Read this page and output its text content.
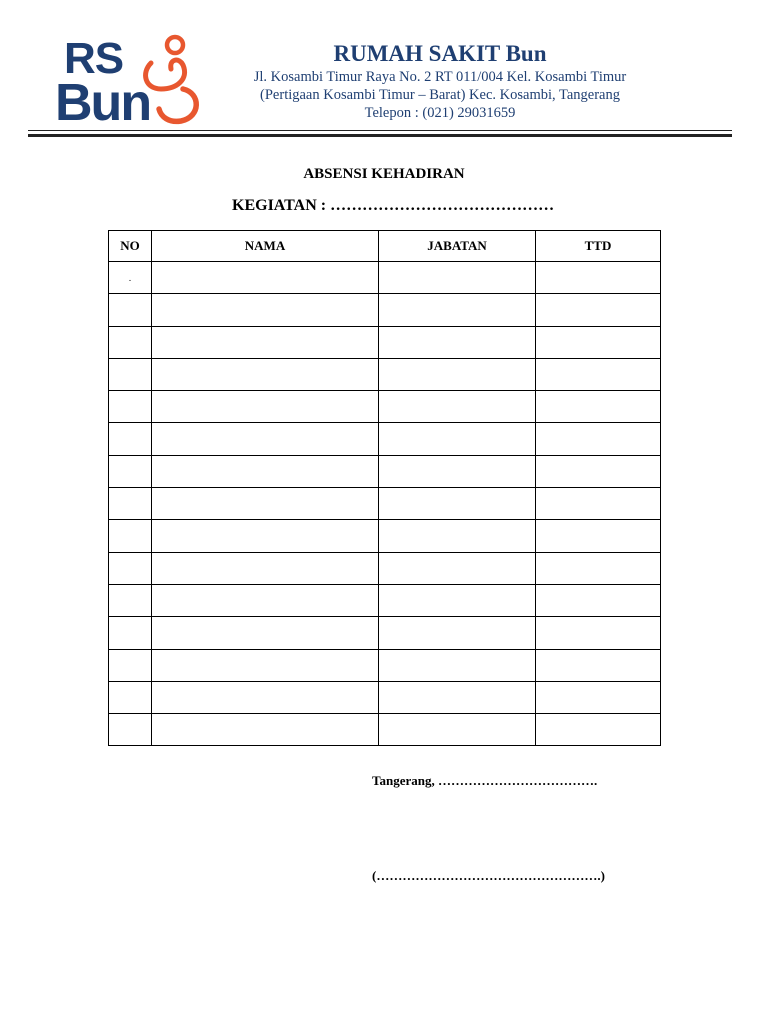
RS
Bun
RUMAH SAKIT Bun
Jl. Kosambi Timur Raya No. 2 RT 011/004 Kel. Kosambi Timur
(Pertigaan Kosambi Timur – Barat) Kec. Kosambi, Tangerang
Telepon : (021) 29031659
ABSENSI KEHADIRAN
KEGIATAN : ……………………………………
NO	NAMA	JABATAN	TTD
.			

Tangerang, ……………………………….
(…………………………………………….)
